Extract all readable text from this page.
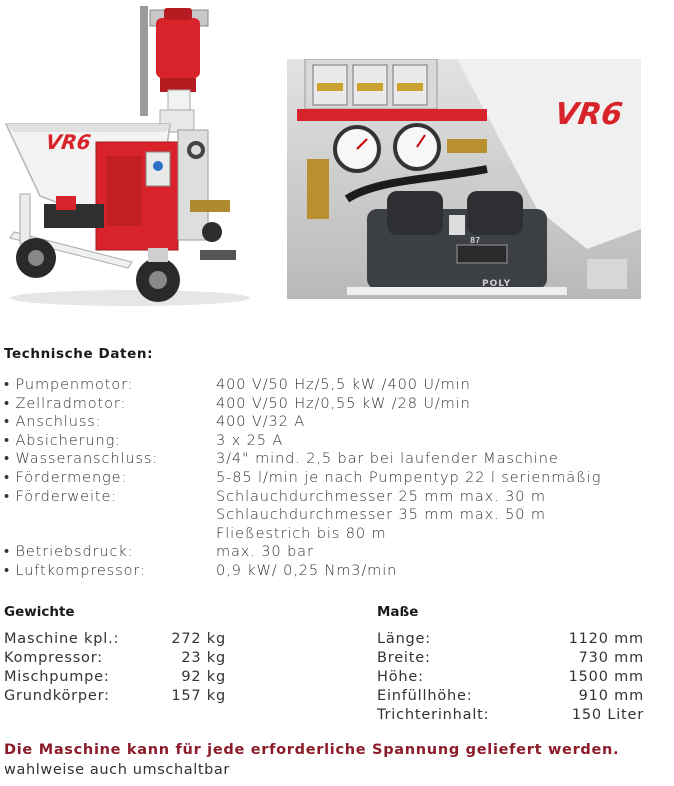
VR6
VR6
POLY
87
Technische Daten:
• Pumpenmotor:	400 V/50 Hz/5,5 kW /400 U/min
• Zellradmotor:	400 V/50 Hz/0,55 kW /28 U/min
• Anschluss:	400 V/32 A
• Absicherung:	3 x 25 A
• Wasseranschluss:	3/4" mind. 2,5 bar bei laufender Maschine
• Fördermenge:	5-85 l/min je nach Pumpentyp 22 l serienmäßig
• Förderweite:	Schlauchdurchmesser 25 mm max. 30 m
Schlauchdurchmesser 35 mm max. 50 m
Fließestrich bis 80 m
• Betriebsdruck:	max. 30 bar
• Luftkompressor:	0,9 kW/ 0,25 Nm3/min
Gewichte
Maschine kpl.:	272 kg
Kompressor:	23 kg
Mischpumpe:	92 kg
Grundkörper:	157 kg
Maße
Länge:	1120 mm
Breite:	730 mm
Höhe:	1500 mm
Einfüllhöhe:	910 mm
Trichterinhalt:	150 Liter
Die Maschine kann für jede erforderliche Spannung geliefert werden.
wahlweise auch umschaltbar
